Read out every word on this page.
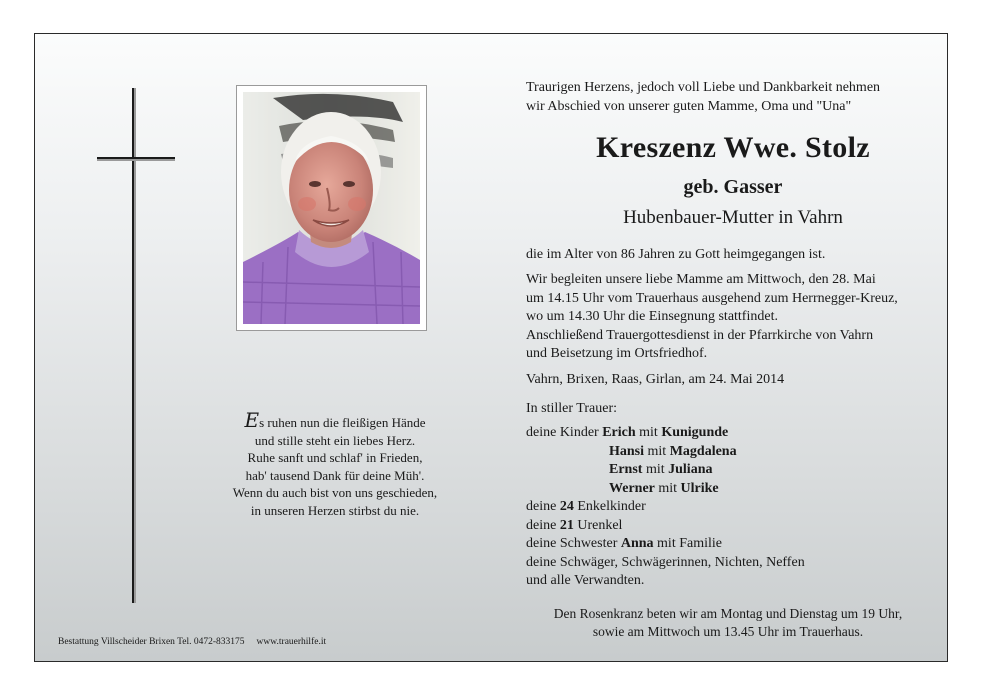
Es ruhen nun die fleißigen Hände
und stille steht ein liebes Herz.
Ruhe sanft und schlaf' in Frieden,
hab' tausend Dank für deine Müh'.
Wenn du auch bist von uns geschieden,
in unseren Herzen stirbst du nie.
Bestattung Villscheider Brixen Tel. 0472-833175 www.trauerhilfe.it
Traurigen Herzens, jedoch voll Liebe und Dankbarkeit nehmen
wir Abschied von unserer guten Mamme, Oma und "Una"
Kreszenz Wwe. Stolz
geb. Gasser
Hubenbauer-Mutter in Vahrn
die im Alter von 86 Jahren zu Gott heimgegangen ist.
Wir begleiten unsere liebe Mamme am Mittwoch, den 28. Mai
um 14.15 Uhr vom Trauerhaus ausgehend zum Herrnegger-Kreuz,
wo um 14.30 Uhr die Einsegnung stattfindet.
Anschließend Trauergottesdienst in der Pfarrkirche von Vahrn
und Beisetzung im Ortsfriedhof.
Vahrn, Brixen, Raas, Girlan, am 24. Mai 2014
In stiller Trauer:
deine Kinder Erich mit Kunigunde
Hansi mit Magdalena
Ernst mit Juliana
Werner mit Ulrike
deine 24 Enkelkinder
deine 21 Urenkel
deine Schwester Anna mit Familie
deine Schwäger, Schwägerinnen, Nichten, Neffen
und alle Verwandten.
Den Rosenkranz beten wir am Montag und Dienstag um 19 Uhr,
sowie am Mittwoch um 13.45 Uhr im Trauerhaus.
